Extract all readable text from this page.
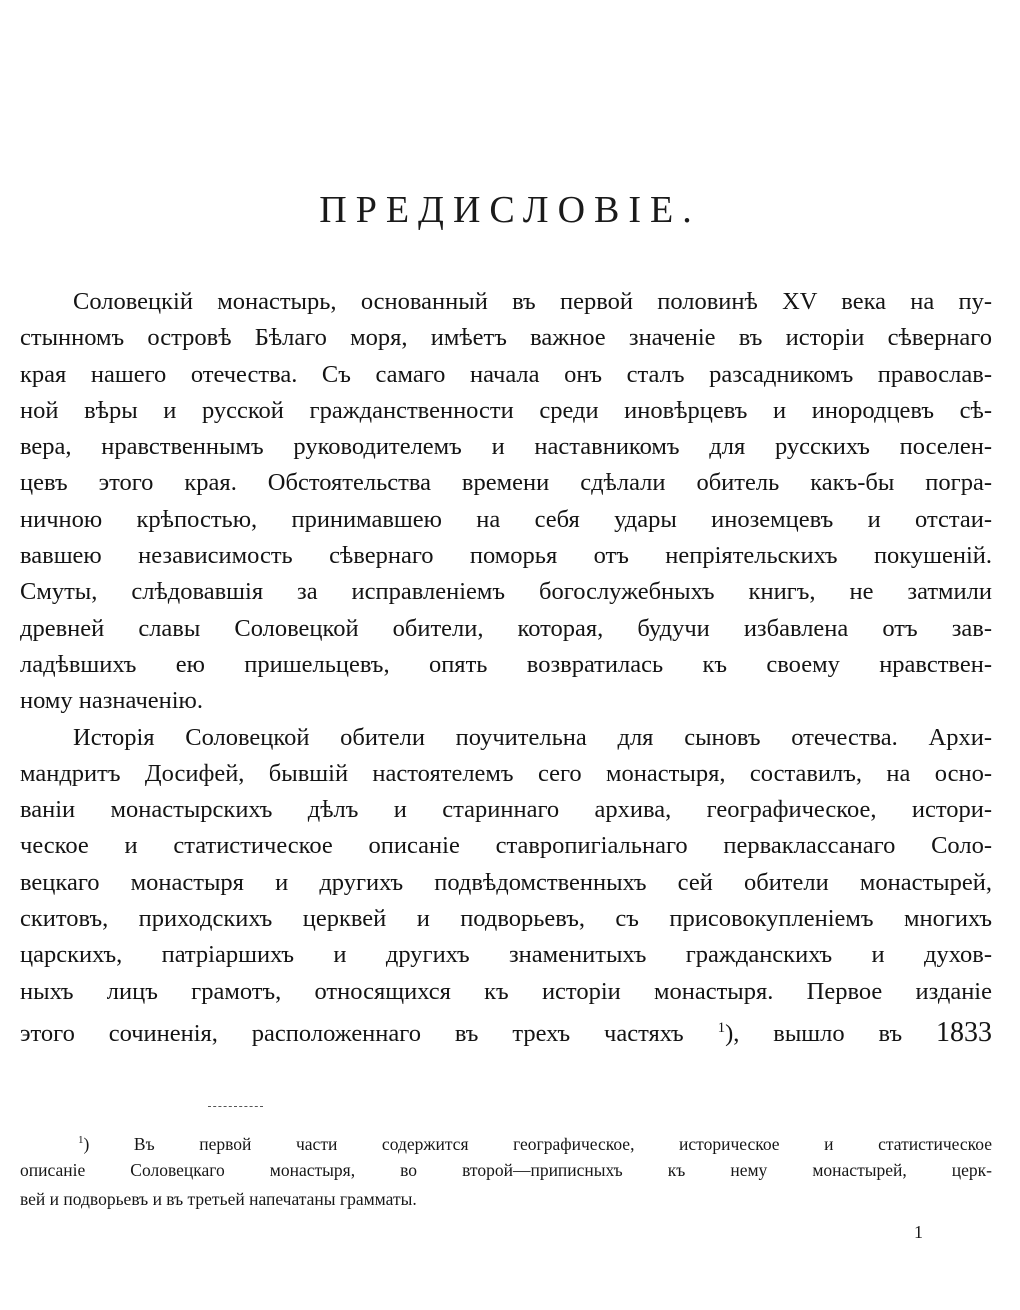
ПРЕДИСЛОВIЕ.
Соловецкiй монастырь, основанный въ первой половинѣ XV века на пу-
стынномъ островѣ Бѣлаго моря, имѣетъ важное значенiе въ исторiи сѣвернаго
края нашего отечества. Съ самаго начала онъ сталъ разсадникомъ православ-
ной вѣры и русской гражданственности среди иновѣрцевъ и инородцевъ сѣ-
вера, нравственнымъ руководителемъ и наставникомъ для русскихъ поселен-
цевъ этого края. Обстоятельства времени сдѣлали обитель какъ-бы погра-
ничною крѣпостью, принимавшею на себя удары иноземцевъ и отстаи-
вавшею независимость сѣвернаго поморья отъ непрiятельскихъ покушенiй.
Смуты, слѣдовавшiя за исправленiемъ богослужебныхъ книгъ, не затмили
древней славы Соловецкой обители, которая, будучи избавлена отъ зав-
ладѣвшихъ ею пришельцевъ, опять возвратилась къ своему нравствен-
ному назначенiю.
Исторiя Соловецкой обители поучительна для сыновъ отечества. Архи-
мандритъ Досифей, бывшiй настоятелемъ сего монастыря, составилъ, на осно-
ванiи монастырскихъ дѣлъ и стариннаго архива, географическое, истори-
ческое и статистическое описанiе ставропигiальнаго перваклассанаго Соло-
вецкаго монастыря и другихъ подвѣдомственныхъ сей обители монастырей,
скитовъ, приходскихъ церквей и подворьевъ, съ присовокупленiемъ многихъ
царскихъ, патрiаршихъ и другихъ знаменитыхъ гражданскихъ и духов-
ныхъ лицъ грамотъ, относящихся къ исторiи монастыря. Первое изданiе
этого сочиненiя, расположеннаго въ трехъ частяхъ $^1$), вышло въ 1833
$^1$) Въ первой части содержится географическое, историческое и статистическое
описанiе Соловецкаго монастыря, во второй—приписныхъ къ нему монастырей, церк-
вей и подворьевъ и въ третьей напечатаны грамматы.
1
